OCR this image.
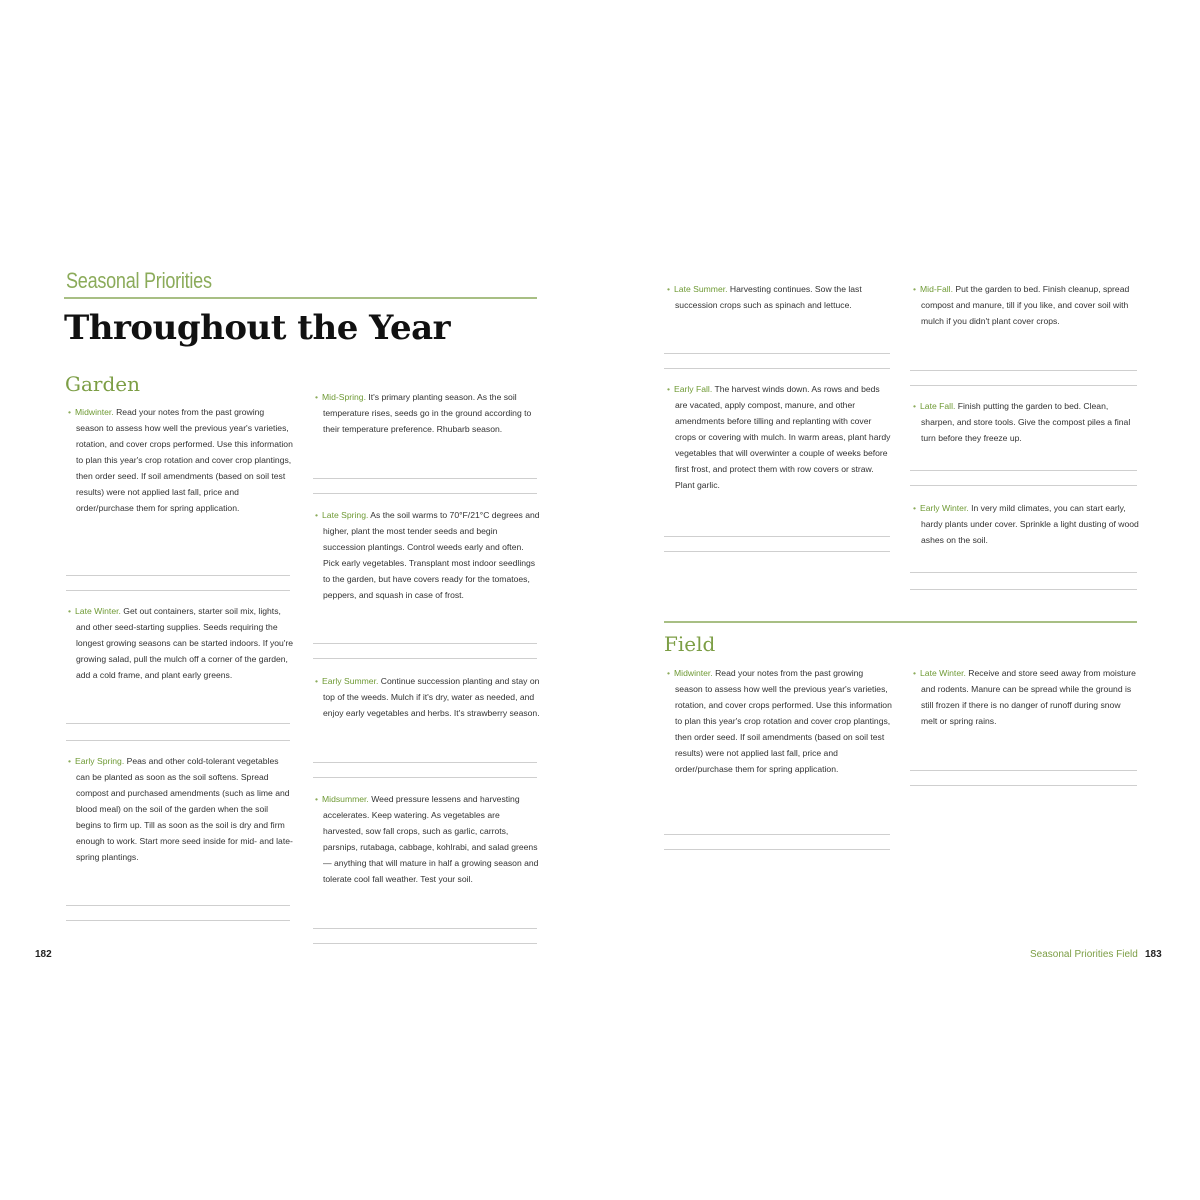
Seasonal Priorities
Throughout the Year
Garden
• Midwinter. Read your notes from the past growing season to assess how well the previous year's varieties, rotation, and cover crops performed. Use this information to plan this year's crop rotation and cover crop plantings, then order seed. If soil amendments (based on soil test results) were not applied last fall, price and order/purchase them for spring application.
• Late Winter. Get out containers, starter soil mix, lights, and other seed-starting supplies. Seeds requiring the longest growing seasons can be started indoors. If you're growing salad, pull the mulch off a corner of the garden, add a cold frame, and plant early greens.
• Early Spring. Peas and other cold-tolerant vegetables can be planted as soon as the soil softens. Spread compost and purchased amendments (such as lime and blood meal) on the soil of the garden when the soil begins to firm up. Till as soon as the soil is dry and firm enough to work. Start more seed inside for mid- and late-spring plantings.
• Mid-Spring. It's primary planting season. As the soil temperature rises, seeds go in the ground according to their temperature preference. Rhubarb season.
• Late Spring. As the soil warms to 70°F/21°C degrees and higher, plant the most tender seeds and begin succession plantings. Control weeds early and often. Pick early vegetables. Transplant most indoor seedlings to the garden, but have covers ready for the tomatoes, peppers, and squash in case of frost.
• Early Summer. Continue succession planting and stay on top of the weeds. Mulch if it's dry, water as needed, and enjoy early vegetables and herbs. It's strawberry season.
• Midsummer. Weed pressure lessens and harvesting accelerates. Keep watering. As vegetables are harvested, sow fall crops, such as garlic, carrots, parsnips, rutabaga, cabbage, kohlrabi, and salad greens — anything that will mature in half a growing season and tolerate cool fall weather. Test your soil.
182
• Late Summer. Harvesting continues. Sow the last succession crops such as spinach and lettuce.
• Early Fall. The harvest winds down. As rows and beds are vacated, apply compost, manure, and other amendments before tilling and replanting with cover crops or covering with mulch. In warm areas, plant hardy vegetables that will overwinter a couple of weeks before first frost, and protect them with row covers or straw. Plant garlic.
• Mid-Fall. Put the garden to bed. Finish cleanup, spread compost and manure, till if you like, and cover soil with mulch if you didn't plant cover crops.
• Late Fall. Finish putting the garden to bed. Clean, sharpen, and store tools. Give the compost piles a final turn before they freeze up.
• Early Winter. In very mild climates, you can start early, hardy plants under cover. Sprinkle a light dusting of wood ashes on the soil.
Field
• Midwinter. Read your notes from the past growing season to assess how well the previous year's varieties, rotation, and cover crops performed. Use this information to plan this year's crop rotation and cover crop plantings, then order seed. If soil amendments (based on soil test results) were not applied last fall, price and order/purchase them for spring application.
• Late Winter. Receive and store seed away from moisture and rodents. Manure can be spread while the ground is still frozen if there is no danger of runoff during snow melt or spring rains.
Seasonal Priorities Field 183
